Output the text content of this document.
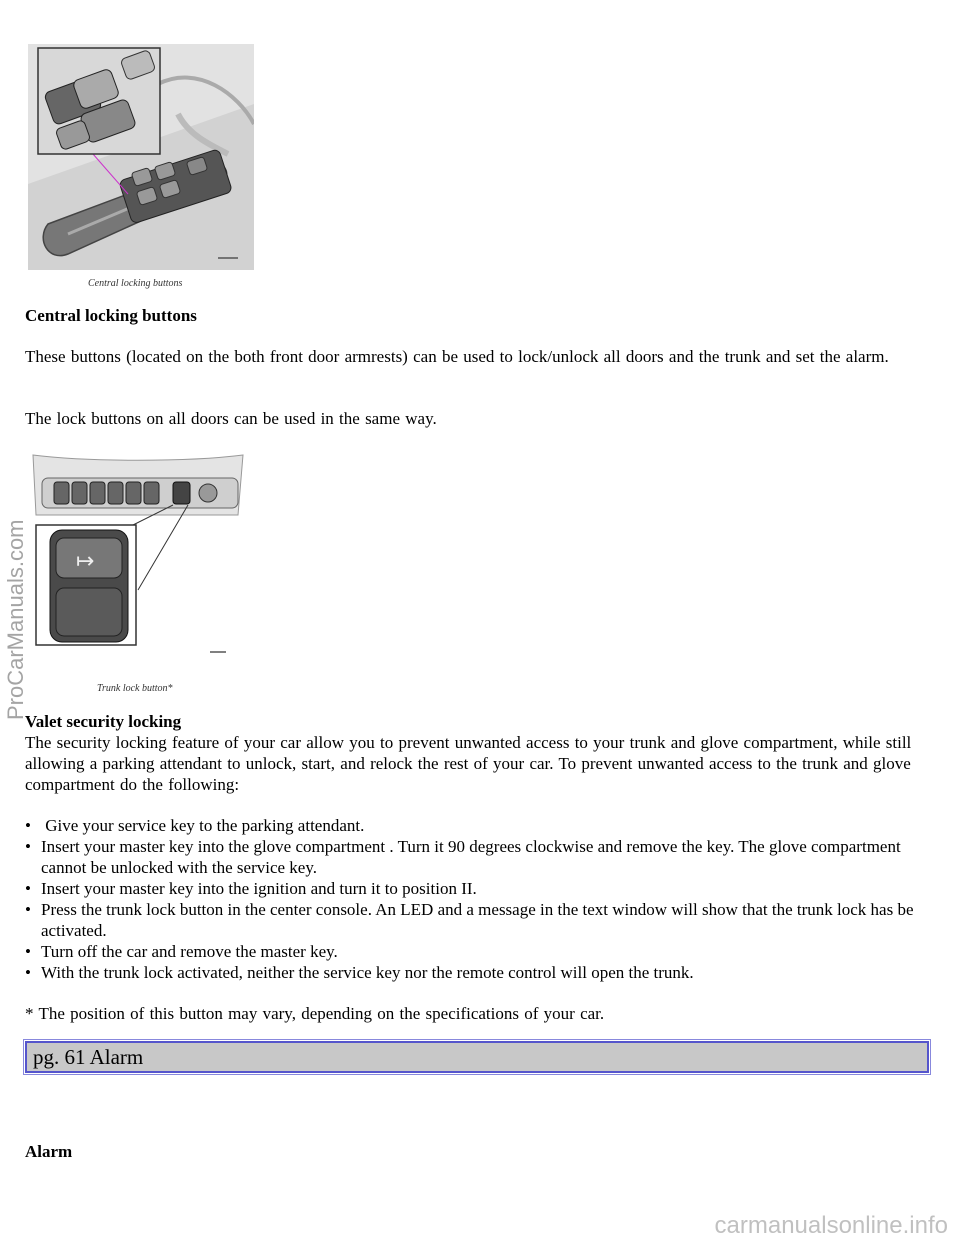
Central locking buttons
Central locking buttons
These buttons (located on the both front door armrests) can be used to lock/unlock all doors and the trunk and set the alarm.
The lock buttons on all doors can be used in the same way.
↦
Trunk lock button*
Valet security locking
The security locking feature of your car allow you to prevent unwanted access to your trunk and glove compartment, while still allowing a parking attendant to unlock, start, and relock the rest of your car. To prevent unwanted access to the trunk and glove compartment do the following:
• Give your service key to the parking attendant.
• Insert your master key into the glove compartment . Turn it 90 degrees clockwise and remove the key. The glove compartment cannot be unlocked with the service key.
• Insert your master key into the ignition and turn it to position II.
• Press the trunk lock button in the center console. An LED and a message in the text window will show that the trunk lock has be activated.
• Turn off the car and remove the master key.
• With the trunk lock activated, neither the service key nor the remote control will open the trunk.
* The position of this button may vary, depending on the specifications of your car.
pg. 61 Alarm
Alarm
ProCarManuals.com
carmanualsonline.info
